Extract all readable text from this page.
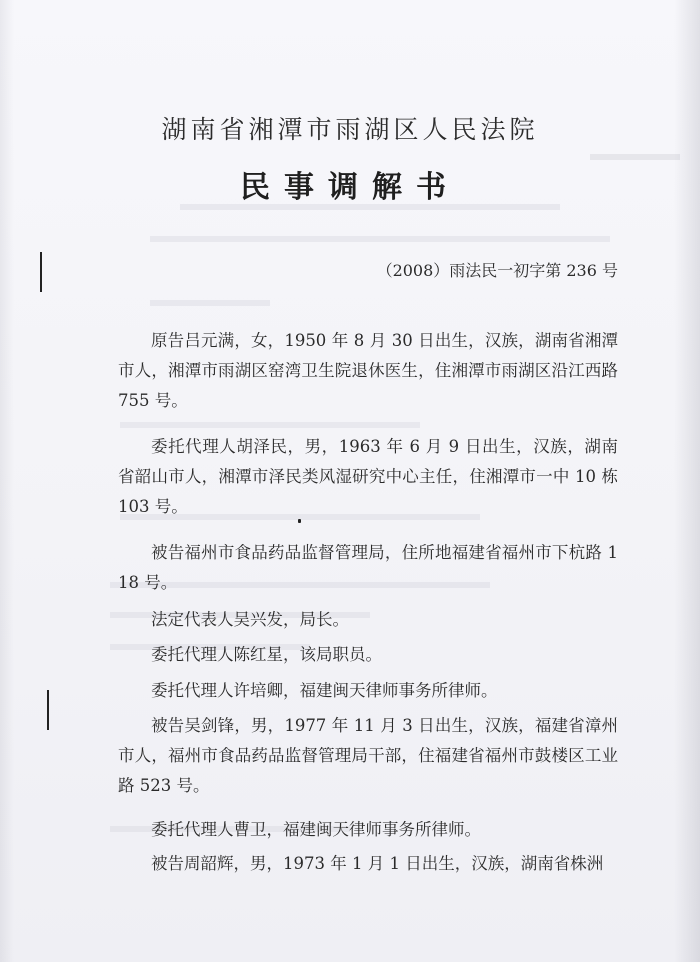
湖南省湘潭市雨湖区人民法院
民事调解书
（2008）雨法民一初字第 236 号
原告吕元满，女，1950 年 8 月 30 日出生，汉族，湖南省湘潭市人，湘潭市雨湖区窑湾卫生院退休医生，住湘潭市雨湖区沿江西路 755 号。
委托代理人胡泽民，男，1963 年 6 月 9 日出生，汉族，湖南省韶山市人，湘潭市泽民类风湿研究中心主任，住湘潭市一中 10 栋 103 号。
被告福州市食品药品监督管理局，住所地福建省福州市下杭路 118 号。
法定代表人吴兴发，局长。
委托代理人陈红星，该局职员。
委托代理人许培卿，福建闽天律师事务所律师。
被告吴剑锋，男，1977 年 11 月 3 日出生，汉族，福建省漳州市人，福州市食品药品监督管理局干部，住福建省福州市鼓楼区工业路 523 号。
委托代理人曹卫，福建闽天律师事务所律师。
被告周韶辉，男，1973 年 1 月 1 日出生，汉族，湖南省株洲
